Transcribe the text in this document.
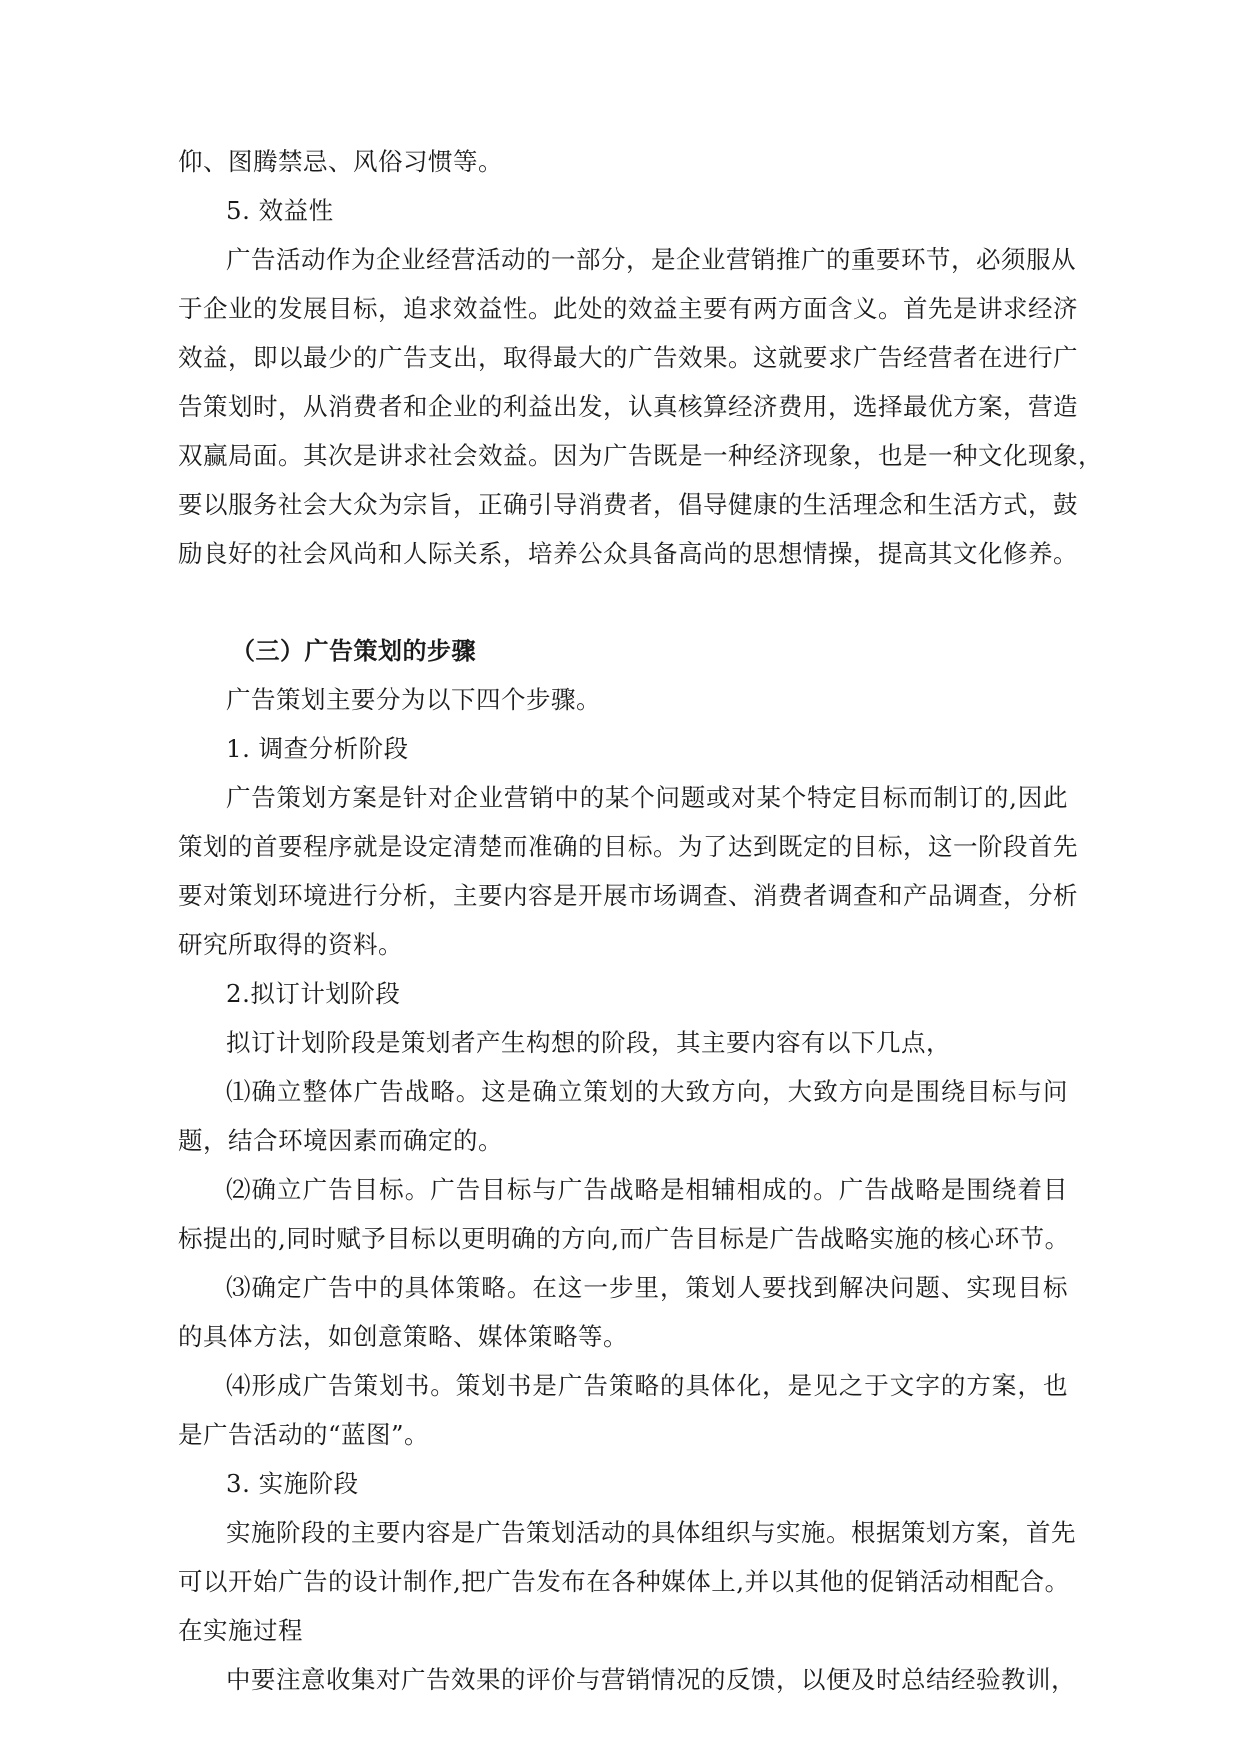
仰、图腾禁忌、风俗习惯等。
5. 效益性
广告活动作为企业经营活动的一部分，是企业营销推广的重要环节，必须服从
于企业的发展目标，追求效益性。此处的效益主要有两方面含义。首先是讲求经济
效益，即以最少的广告支出，取得最大的广告效果。这就要求广告经营者在进行广
告策划时，从消费者和企业的利益出发，认真核算经济费用，选择最优方案，营造
双赢局面。其次是讲求社会效益。因为广告既是一种经济现象，也是一种文化现象，
要以服务社会大众为宗旨，正确引导消费者，倡导健康的生活理念和生活方式，鼓
励良好的社会风尚和人际关系，培养公众具备高尚的思想情操，提高其文化修养。
（三）广告策划的步骤
广告策划主要分为以下四个步骤。
1. 调查分析阶段
广告策划方案是针对企业营销中的某个问题或对某个特定目标而制订的,因此
策划的首要程序就是设定清楚而准确的目标。为了达到既定的目标，这一阶段首先
要对策划环境进行分析，主要内容是开展市场调查、消费者调查和产品调查，分析
研究所取得的资料。
2.拟订计划阶段
拟订计划阶段是策划者产生构想的阶段，其主要内容有以下几点，
⑴确立整体广告战略。这是确立策划的大致方向，大致方向是围绕目标与问
题，结合环境因素而确定的。
⑵确立广告目标。广告目标与广告战略是相辅相成的。广告战略是围绕着目
标提出的,同时赋予目标以更明确的方向,而广告目标是广告战略实施的核心环节。
⑶确定广告中的具体策略。在这一步里，策划人要找到解决问题、实现目标
的具体方法，如创意策略、媒体策略等。
⑷形成广告策划书。策划书是广告策略的具体化，是见之于文字的方案，也
是广告活动的“蓝图”。
3. 实施阶段
实施阶段的主要内容是广告策划活动的具体组织与实施。根据策划方案，首先
可以开始广告的设计制作,把广告发布在各种媒体上,并以其他的促销活动相配合。
在实施过程
中要注意收集对广告效果的评价与营销情况的反馈，以便及时总结经验教训，
